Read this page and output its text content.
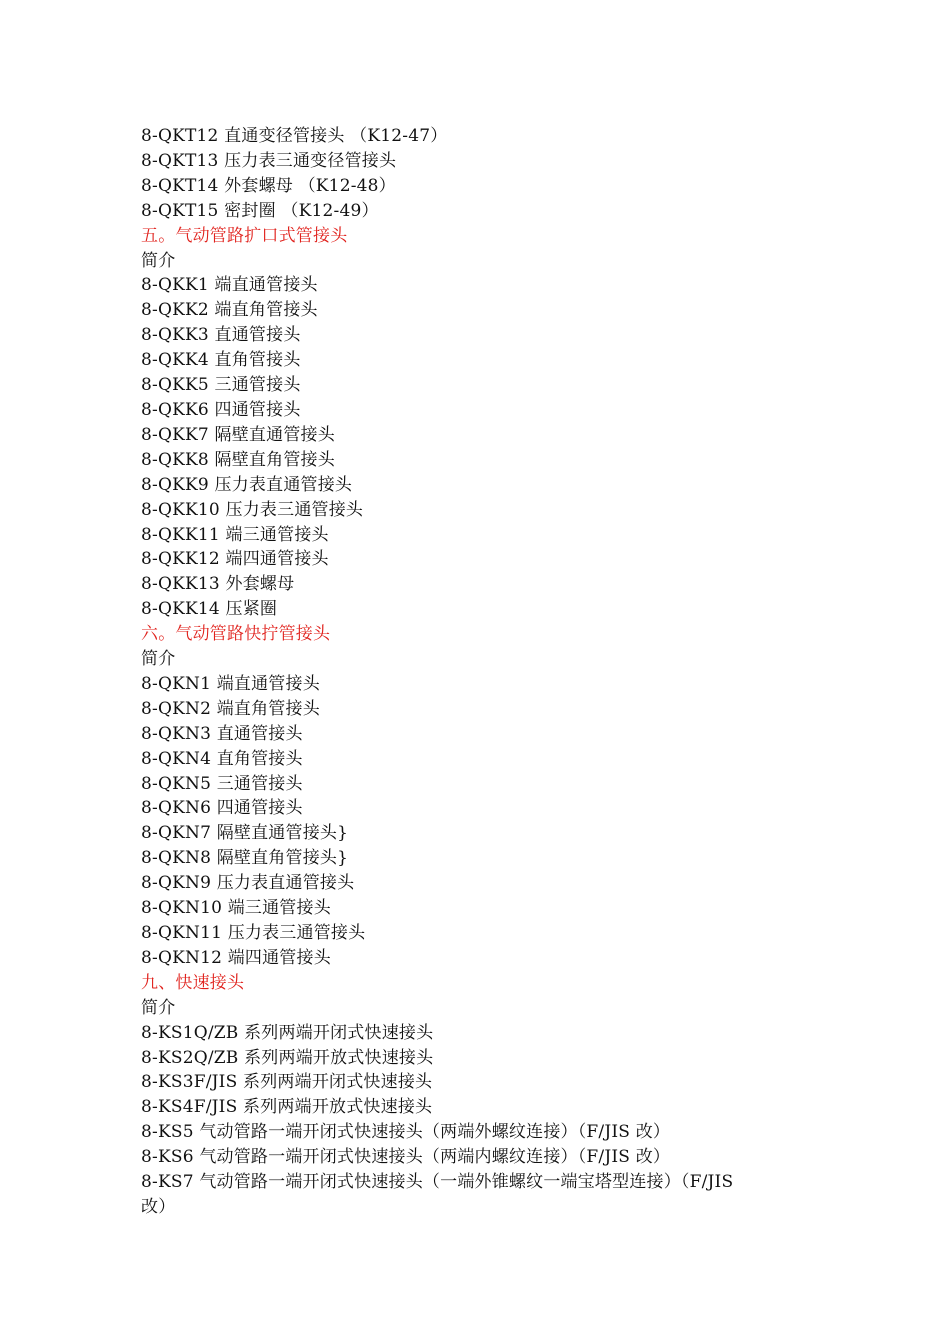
8-QKT12 直通变径管接头 （K12-47）
8-QKT13 压力表三通变径管接头
8-QKT14 外套螺母 （K12-48）
8-QKT15 密封圈 （K12-49）
五。气动管路扩口式管接头
简介
8-QKK1 端直通管接头
8-QKK2 端直角管接头
8-QKK3 直通管接头
8-QKK4 直角管接头
8-QKK5 三通管接头
8-QKK6 四通管接头
8-QKK7 隔壁直通管接头
8-QKK8 隔壁直角管接头
8-QKK9 压力表直通管接头
8-QKK10 压力表三通管接头
8-QKK11 端三通管接头
8-QKK12 端四通管接头
8-QKK13 外套螺母
8-QKK14 压紧圈
六。气动管路快拧管接头
简介
8-QKN1 端直通管接头
8-QKN2 端直角管接头
8-QKN3 直通管接头
8-QKN4 直角管接头
8-QKN5 三通管接头
8-QKN6 四通管接头
8-QKN7 隔壁直通管接头}
8-QKN8 隔壁直角管接头}
8-QKN9 压力表直通管接头
8-QKN10 端三通管接头
8-QKN11 压力表三通管接头
8-QKN12 端四通管接头
九、快速接头
简介
8-KS1Q/ZB 系列两端开闭式快速接头
8-KS2Q/ZB 系列两端开放式快速接头
8-KS3F/JIS 系列两端开闭式快速接头
8-KS4F/JIS 系列两端开放式快速接头
8-KS5 气动管路一端开闭式快速接头（两端外螺纹连接）（F/JIS 改）
8-KS6 气动管路一端开闭式快速接头（两端内螺纹连接）（F/JIS 改）
8-KS7 气动管路一端开闭式快速接头（一端外锥螺纹一端宝塔型连接）（F/JIS
改）
